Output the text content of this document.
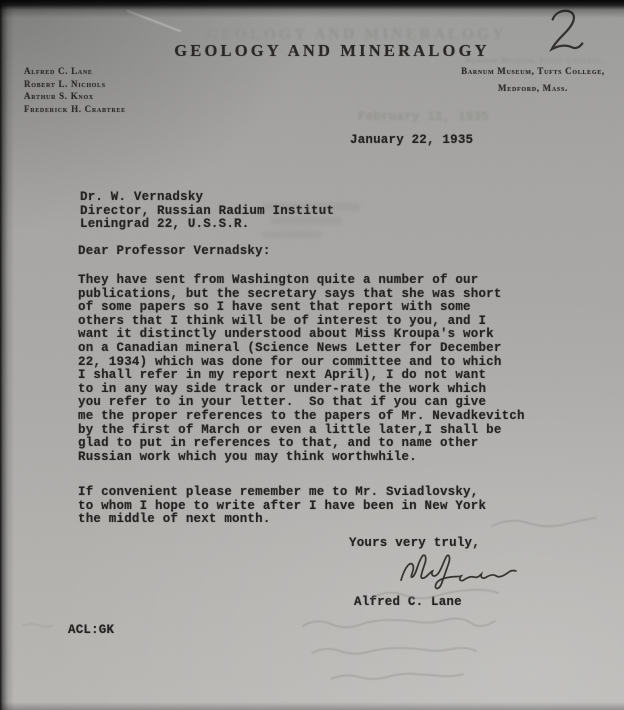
GEOLOGY AND MINERALOGY
Barnum Museum, Tufts College,
February 12, 1935
GEOLOGY AND MINERALOGY
Alfred C. Lane
Robert L. Nichols
Arthur S. Knox
Frederick H. Crabtree
Barnum Museum, Tufts College,
Medford, Mass.
January 22, 1935
Dr. W. Vernadsky
Director, Russian Radium Institut
Leningrad 22, U.S.S.R.
Dear Professor Vernadsky:
They have sent from Washington quite a number of our
publications, but the secretary says that she was short
of some papers so I have sent that report with some
others that I think will be of interest to you, and I
want it distinctly understood about Miss Kroupa's work
on a Canadian mineral (Science News Letter for December
22, 1934) which was done for our committee and to which
I shall refer in my report next April), I do not want
to in any way side track or under-rate the work which
you refer to in your letter.  So that if you can give
me the proper references to the papers of Mr. Nevadkevitch
by the first of March or even a little later,I shall be
glad to put in references to that, and to name other
Russian work which you may think worthwhile.
If convenient please remember me to Mr. Sviadlovsky,
to whom I hope to write after I have been in New York
the middle of next month.
Yours very truly,
Alfred C. Lane
ACL:GK
